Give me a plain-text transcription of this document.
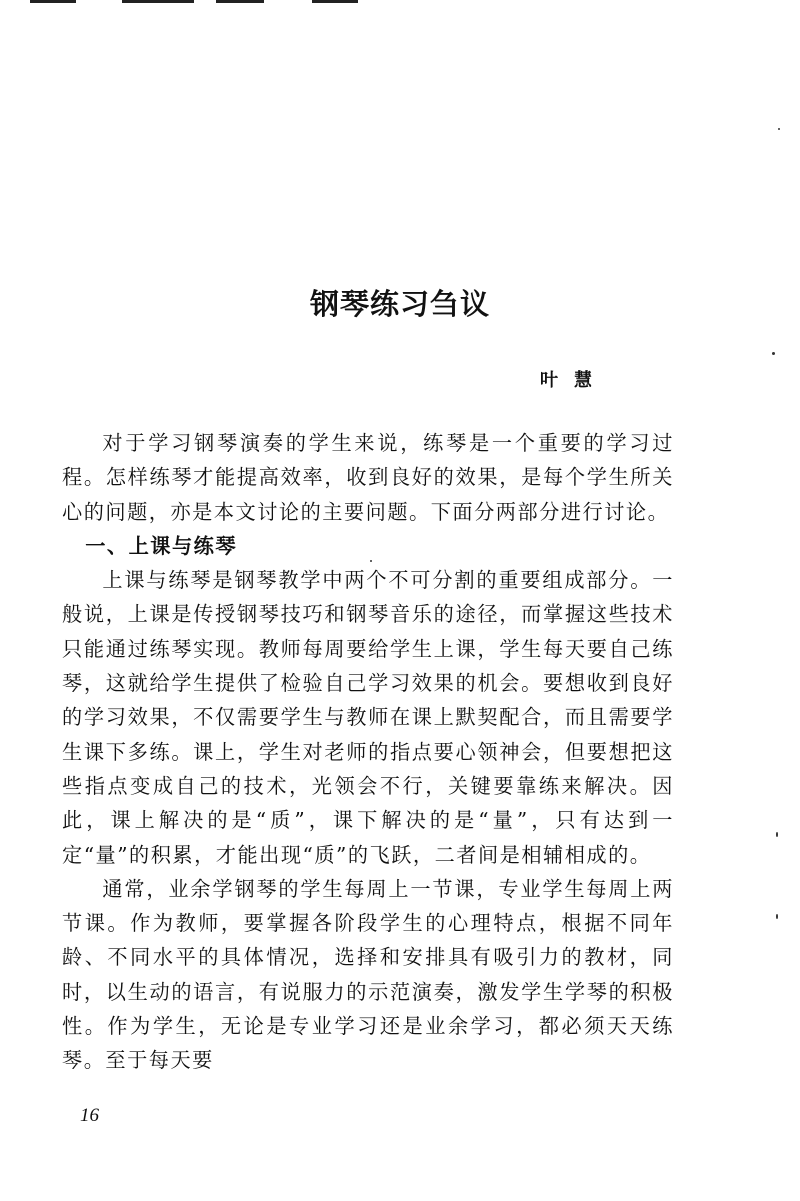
钢琴练习刍议
叶慧

对于学习钢琴演奏的学生来说，练琴是一个重要的学习过程。怎样练琴才能提高效率，收到良好的效果，是每个学生所关心的问题，亦是本文讨论的主要问题。下面分两部分进行讨论。

一、上课与练琴

上课与练琴是钢琴教学中两个不可分割的重要组成部分。一般说，上课是传授钢琴技巧和钢琴音乐的途径，而掌握这些技术只能通过练琴实现。教师每周要给学生上课，学生每天要自己练琴，这就给学生提供了检验自己学习效果的机会。要想收到良好的学习效果，不仅需要学生与教师在课上默契配合，而且需要学生课下多练。课上，学生对老师的指点要心领神会，但要想把这些指点变成自己的技术，光领会不行，关键要靠练来解决。因此，课上解决的是“质”，课下解决的是“量”，只有达到一定“量”的积累，才能出现“质”的飞跃，二者间是相辅相成的。

通常，业余学钢琴的学生每周上一节课，专业学生每周上两节课。作为教师，要掌握各阶段学生的心理特点，根据不同年龄、不同水平的具体情况，选择和安排具有吸引力的教材，同时，以生动的语言，有说服力的示范演奏，激发学生学琴的积极性。作为学生，无论是专业学习还是业余学习，都必须天天练琴。至于每天要

16
